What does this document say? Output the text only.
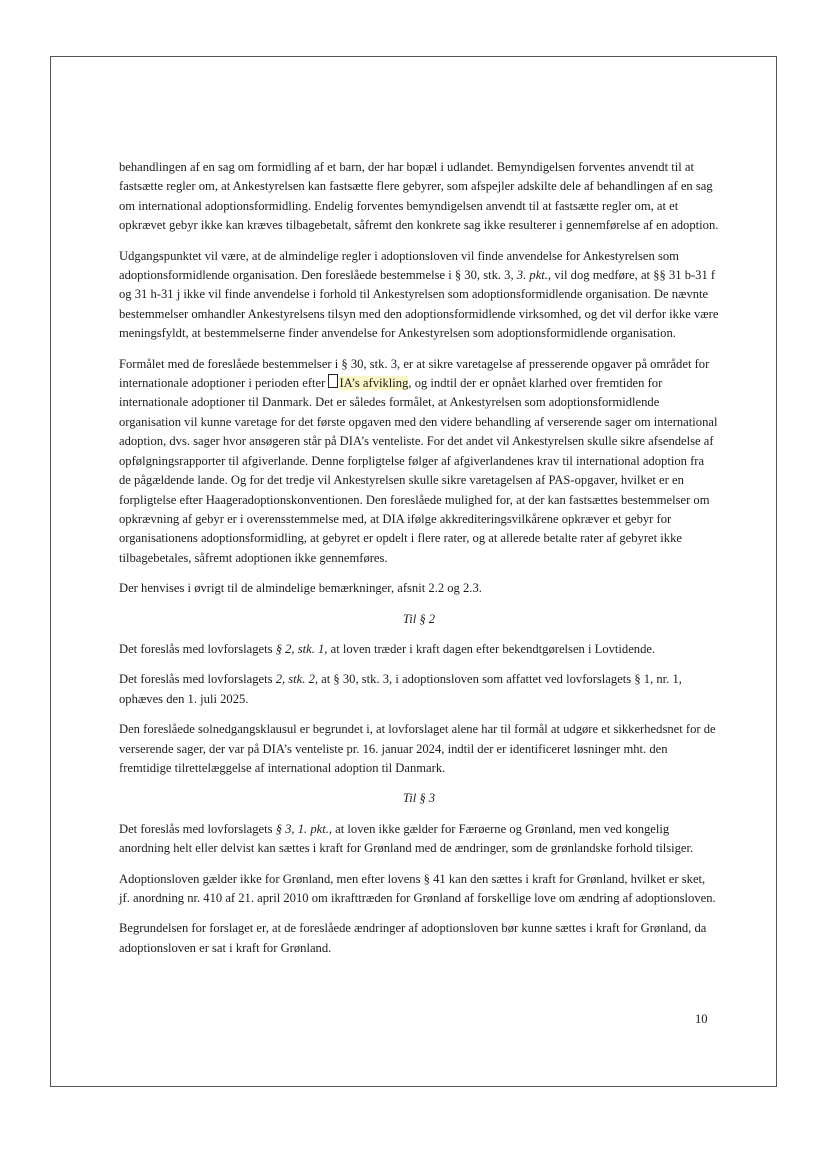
behandlingen af en sag om formidling af et barn, der har bopæl i udlandet. Bemyndigelsen forventes anvendt til at fastsætte regler om, at Ankestyrelsen kan fastsætte flere gebyrer, som afspejler adskilte dele af behandlingen af en sag om international adoptionsformidling. Endelig forventes bemyndigelsen anvendt til at fastsætte regler om, at et opkrævet gebyr ikke kan kræves tilbagebetalt, såfremt den konkrete sag ikke resulterer i gennemførelse af en adoption.

Udgangspunktet vil være, at de almindelige regler i adoptionsloven vil finde anvendelse for Ankestyrelsen som adoptionsformidlende organisation. Den foreslåede bestemmelse i § 30, stk. 3, 3. pkt., vil dog medføre, at §§ 31 b-31 f og 31 h-31 j ikke vil finde anvendelse i forhold til Ankestyrelsen som adoptionsformidlende organisation. De nævnte bestemmelser omhandler Ankestyrelsens tilsyn med den adoptionsformidlende virksomhed, og det vil derfor ikke være meningsfyldt, at bestemmelserne finder anvendelse for Ankestyrelsen som adoptionsformidlende organisation.

Formålet med de foreslåede bestemmelser i § 30, stk. 3, er at sikre varetagelse af presserende opgaver på området for internationale adoptioner i perioden efter IA’s afvikling, og indtil der er opnået klarhed over fremtiden for internationale adoptioner til Danmark. Det er således formålet, at Ankestyrelsen som adoptionsformidlende organisation vil kunne varetage for det første opgaven med den videre behandling af verserende sager om international adoption, dvs. sager hvor ansøgeren står på DIA’s venteliste. For det andet vil Ankestyrelsen skulle sikre afsendelse af opfølgningsrapporter til afgiverlande. Denne forpligtelse følger af afgiverlandenes krav til international adoption fra de pågældende lande. Og for det tredje vil Ankestyrelsen skulle sikre varetagelsen af PAS-opgaver, hvilket er en forpligtelse efter Haageradoptionskonventionen. Den foreslåede mulighed for, at der kan fastsættes bestemmelser om opkrævning af gebyr er i overensstemmelse med, at DIA ifølge akkrediteringsvilkårene opkræver et gebyr for organisationens adoptionsformidling, at gebyret er opdelt i flere rater, og at allerede betalte rater af gebyret ikke tilbagebetales, såfremt adoptionen ikke gennemføres.

Der henvises i øvrigt til de almindelige bemærkninger, afsnit 2.2 og 2.3.

Til § 2

Det foreslås med lovforslagets § 2, stk. 1, at loven træder i kraft dagen efter bekendtgørelsen i Lovtidende.

Det foreslås med lovforslagets 2, stk. 2, at § 30, stk. 3, i adoptionsloven som affattet ved lovforslagets § 1, nr. 1, ophæves den 1. juli 2025.

Den foreslåede solnedgangsklausul er begrundet i, at lovforslaget alene har til formål at udgøre et sikkerhedsnet for de verserende sager, der var på DIA’s venteliste pr. 16. januar 2024, indtil der er identificeret løsninger mht. den fremtidige tilrettelæggelse af international adoption til Danmark.

Til § 3

Det foreslås med lovforslagets § 3, 1. pkt., at loven ikke gælder for Færøerne og Grønland, men ved kongelig anordning helt eller delvist kan sættes i kraft for Grønland med de ændringer, som de grønlandske forhold tilsiger.

Adoptionsloven gælder ikke for Grønland, men efter lovens § 41 kan den sættes i kraft for Grønland, hvilket er sket, jf. anordning nr. 410 af 21. april 2010 om ikrafttræden for Grønland af forskellige love om ændring af adoptionsloven.

Begrundelsen for forslaget er, at de foreslåede ændringer af adoptionsloven bør kunne sættes i kraft for Grønland, da adoptionsloven er sat i kraft for Grønland.

10
